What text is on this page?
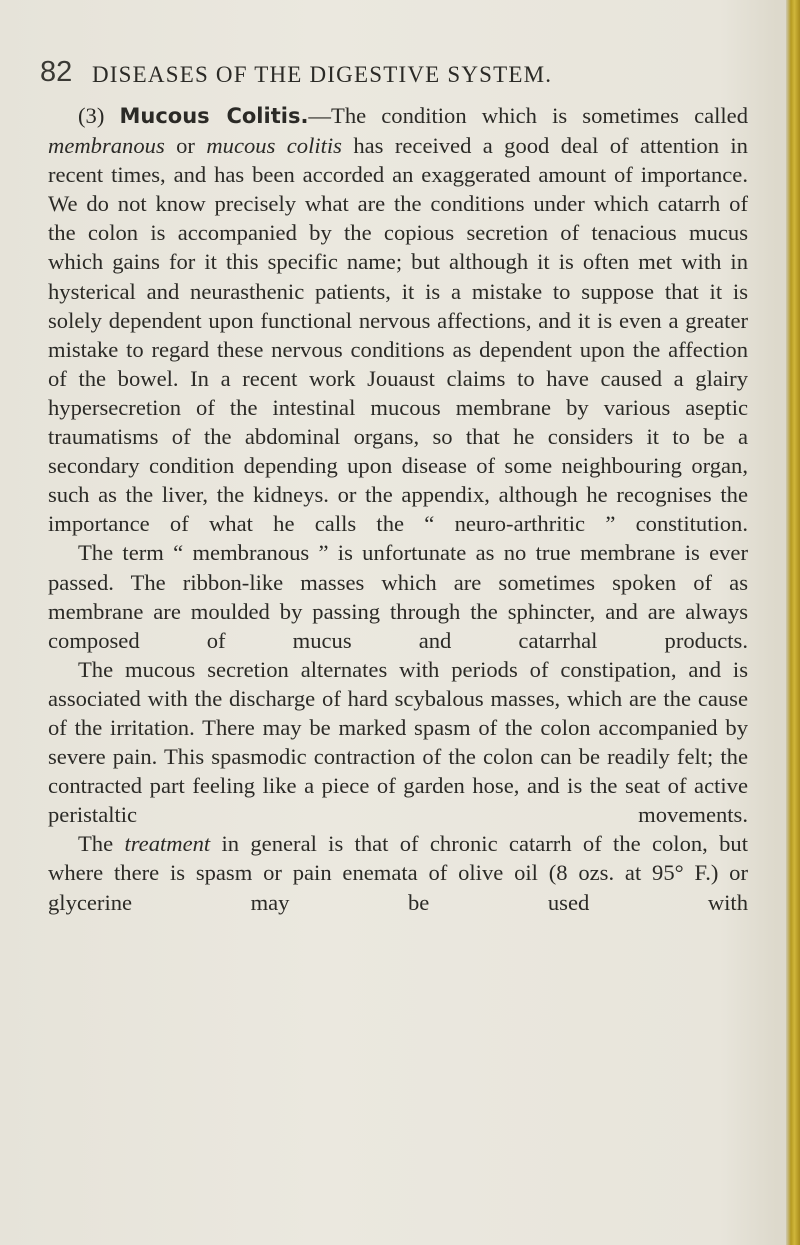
82 DISEASES OF THE DIGESTIVE SYSTEM.

(3) Mucous Colitis.—The condition which is sometimes called membranous or mucous colitis has received a good deal of attention in recent times, and has been accorded an exaggerated amount of importance. We do not know precisely what are the conditions under which catarrh of the colon is accompanied by the copious secretion of tenacious mucus which gains for it this specific name; but although it is often met with in hysterical and neurasthenic patients, it is a mistake to suppose that it is solely dependent upon functional nervous affections, and it is even a greater mistake to regard these nervous conditions as dependent upon the affection of the bowel. In a recent work Jouaust claims to have caused a glairy hypersecretion of the intestinal mucous membrane by various aseptic traumatisms of the abdominal organs, so that he considers it to be a secondary condition depending upon disease of some neighbouring organ, such as the liver, the kidneys. or the appendix, although he recognises the importance of what he calls the “ neuro-arthritic ” constitution.

The term “ membranous ” is unfortunate as no true membrane is ever passed. The ribbon-like masses which are sometimes spoken of as membrane are moulded by passing through the sphincter, and are always composed of mucus and catarrhal products.

The mucous secretion alternates with periods of constipation, and is associated with the discharge of hard scybalous masses, which are the cause of the irritation. There may be marked spasm of the colon accompanied by severe pain. This spasmodic contraction of the colon can be readily felt; the contracted part feeling like a piece of garden hose, and is the seat of active peristaltic movements.

The treatment in general is that of chronic catarrh of the colon, but where there is spasm or pain enemata of olive oil (8 ozs. at 95° F.) or glycerine may be used with
